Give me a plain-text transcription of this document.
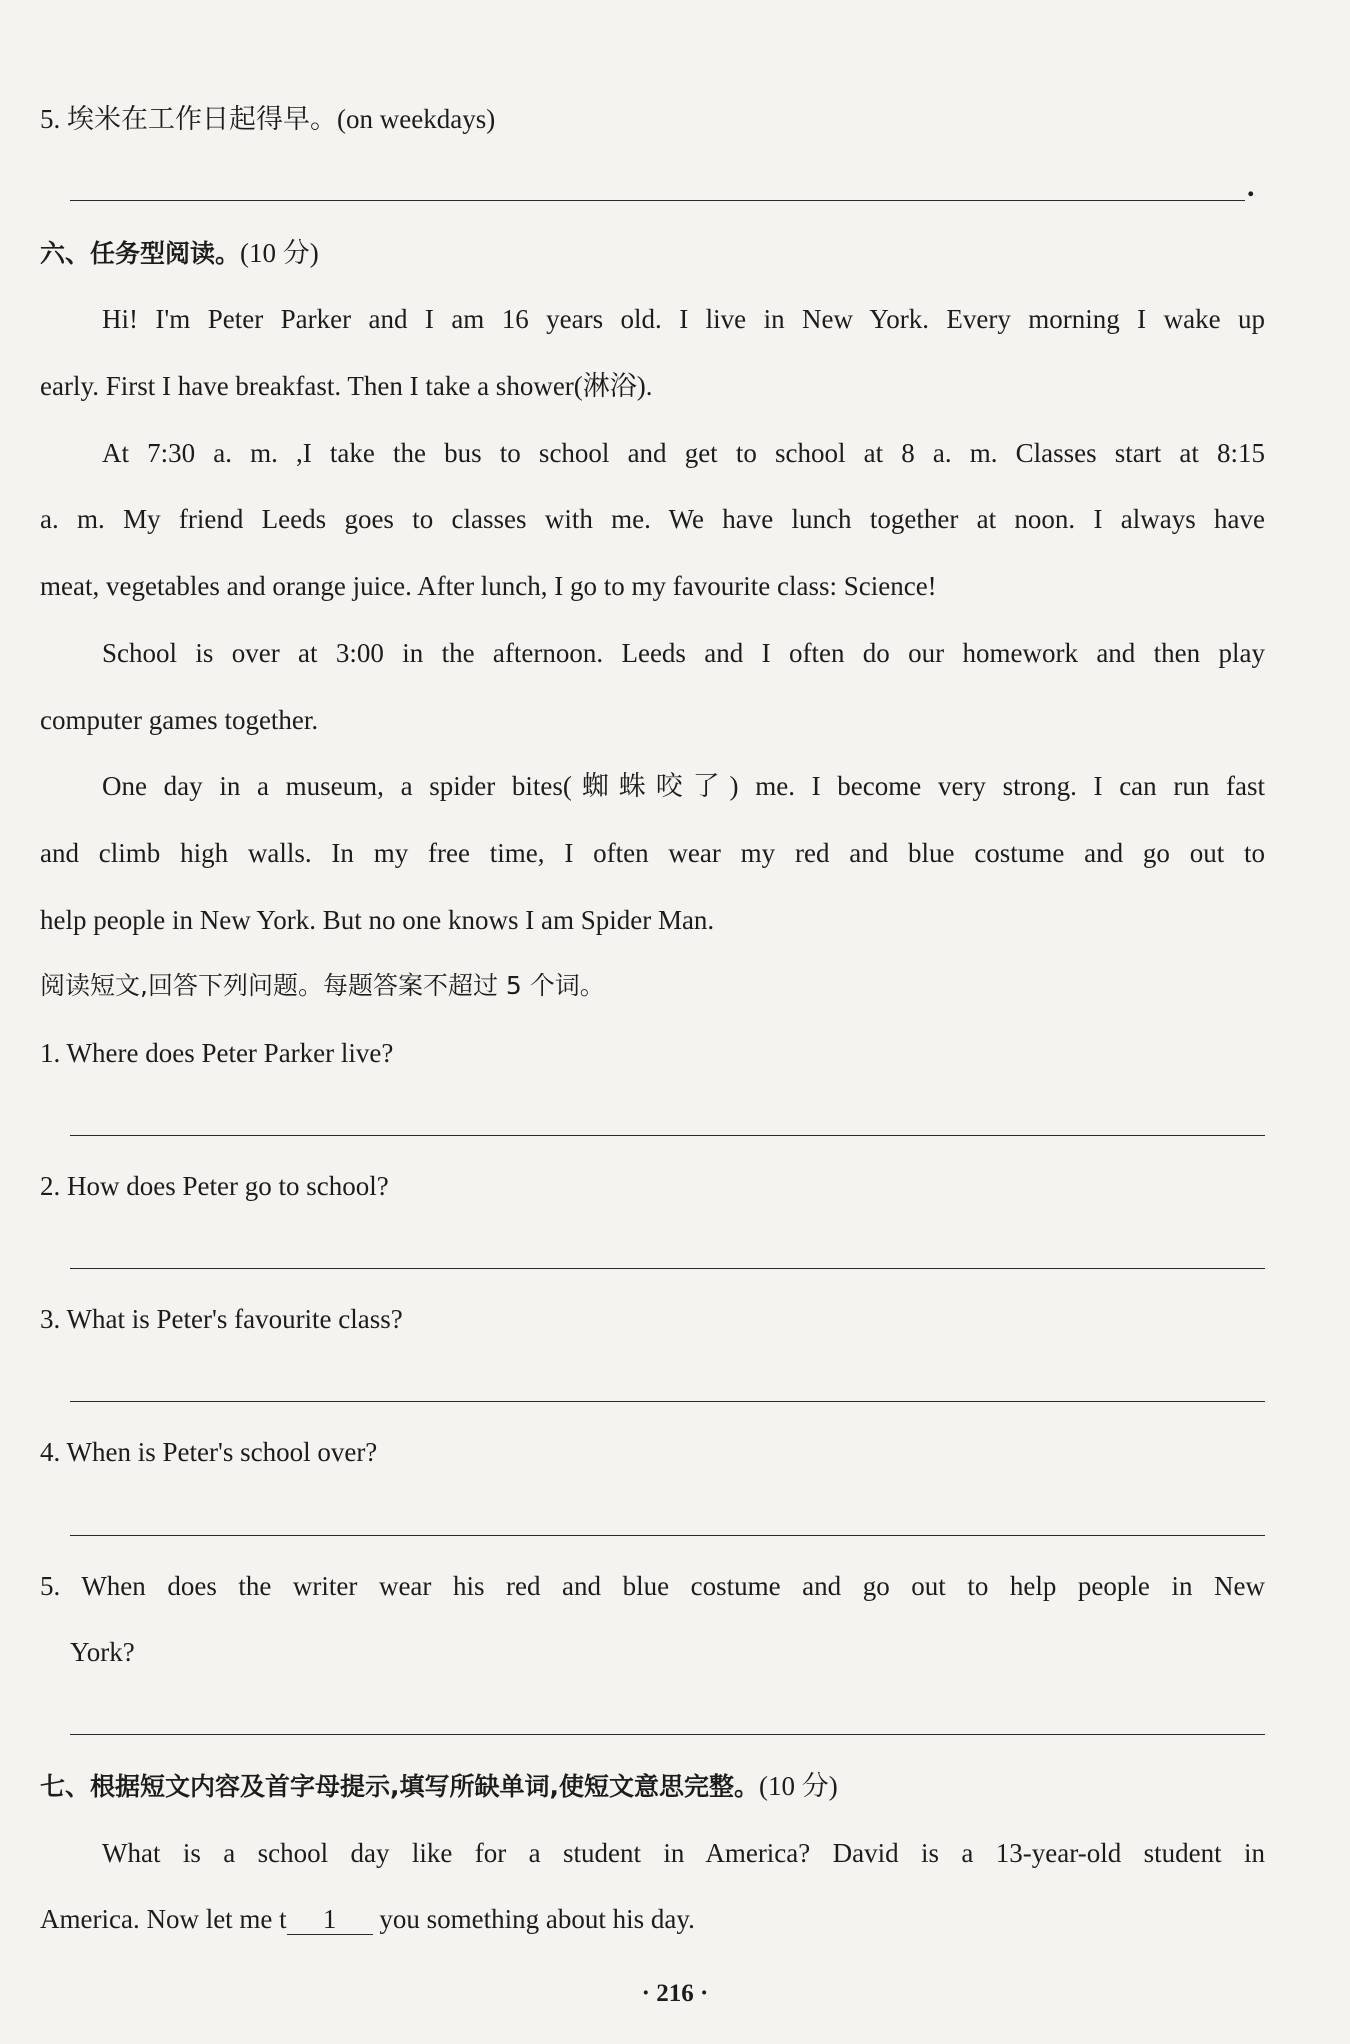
5. 埃米在工作日起得早。(on weekdays)
.
六、任务型阅读。(10 分)
Hi! I'm Peter Parker and I am 16 years old. I live in New York. Every morning I wake up
early. First I have breakfast. Then I take a shower(淋浴).
At 7:30 a. m. ,I take the bus to school and get to school at 8 a. m. Classes start at 8:15
a. m. My friend Leeds goes to classes with me. We have lunch together at noon. I always have
meat, vegetables and orange juice. After lunch, I go to my favourite class: Science!
School is over at 3:00 in the afternoon. Leeds and I often do our homework and then play
computer games together.
One day in a museum, a spider bites(蜘蛛咬了) me. I become very strong. I can run fast
and climb high walls. In my free time, I often wear my red and blue costume and go out to
help people in New York. But no one knows I am Spider Man.
阅读短文,回答下列问题。每题答案不超过 5 个词。
1. Where does Peter Parker live?
2. How does Peter go to school?
3. What is Peter's favourite class?
4. When is Peter's school over?
5. When does the writer wear his red and blue costume and go out to help people in New
York?
七、根据短文内容及首字母提示,填写所缺单词,使短文意思完整。(10 分)
What is a school day like for a student in America? David is a 13-year-old student in
America. Now let me t 1 you something about his day.
· 216 ·
